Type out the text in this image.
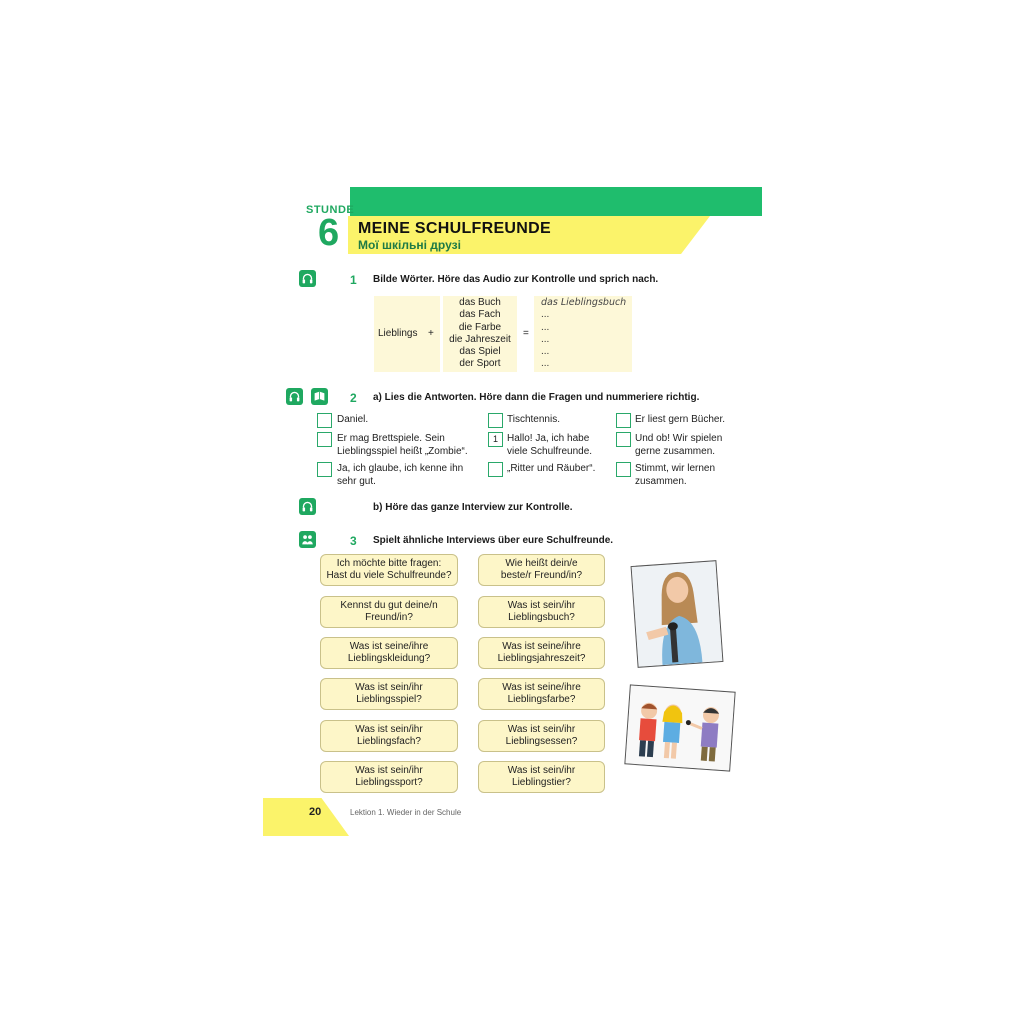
STUNDE
6 MEINE SCHULFREUNDE
Мої шкільні друзі
1 Bilde Wörter. Höre das Audio zur Kontrolle und sprich nach.
Lieblings +	=
das Buch
das Fach
die Farbe
die Jahreszeit
das Spiel
der Sport
das Lieblingsbuch
...
...
...
...
...
2 a) Lies die Antworten. Höre dann die Fragen und nummeriere richtig.
Daniel.
Er mag Brettspiele. Sein
Lieblingsspiel heißt „Zombie“.
Ja, ich glaube, ich kenne ihn
sehr gut.
Tischtennis.
1 Hallo! Ja, ich habe
viele Schulfreunde.
„Ritter und Räuber“.
Er liest gern Bücher.
Und ob! Wir spielen
gerne zusammen.
Stimmt, wir lernen
zusammen.
b) Höre das ganze Interview zur Kontrolle.
3 Spielt ähnliche Interviews über eure Schulfreunde.
Ich möchte bitte fragen:
Hast du viele Schulfreunde?
Kennst du gut deine/n
Freund/in?
Was ist seine/ihre
Lieblingskleidung?
Was ist sein/ihr
Lieblingsspiel?
Was ist sein/ihr
Lieblingsfach?
Was ist sein/ihr
Lieblingssport?
Wie heißt dein/e
beste/r Freund/in?
Was ist sein/ihr
Lieblingsbuch?
Was ist seine/ihre
Lieblingsjahreszeit?
Was ist seine/ihre
Lieblingsfarbe?
Was ist sein/ihr
Lieblingsessen?
Was ist sein/ihr
Lieblingstier?
20	Lektion 1. Wieder in der Schule
